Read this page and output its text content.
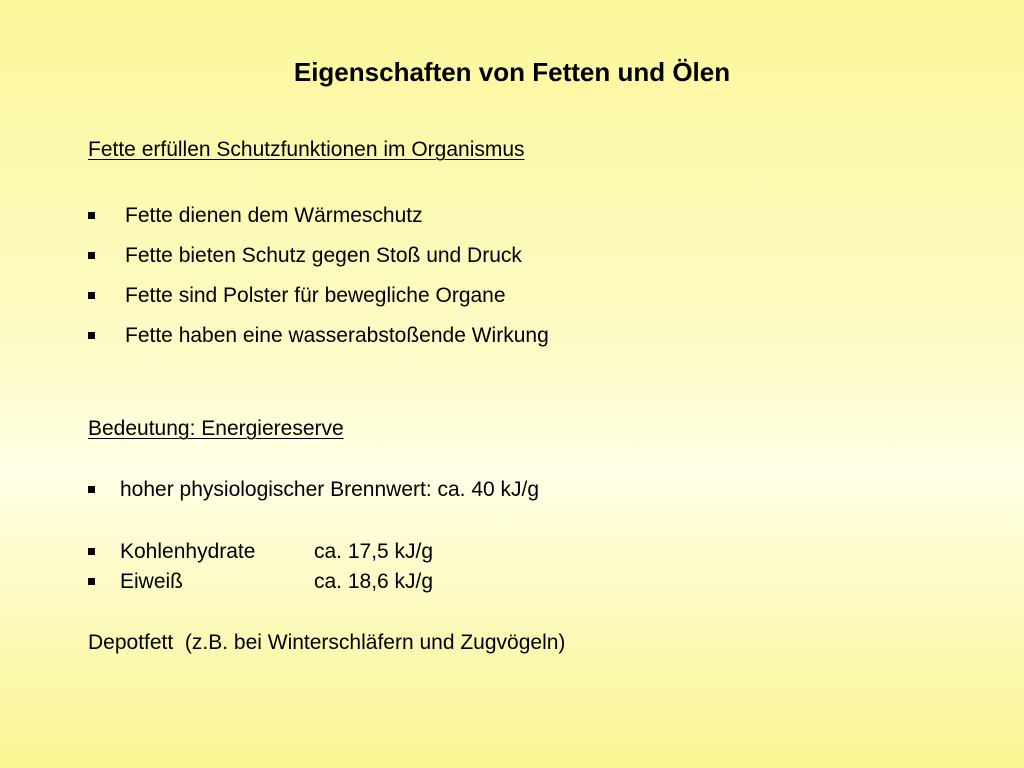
Eigenschaften von Fetten und Ölen
Fette erfüllen Schutzfunktionen im Organismus
Fette dienen dem Wärmeschutz
Fette bieten Schutz gegen Stoß und Druck
Fette sind Polster für bewegliche Organe
Fette haben eine wasserabstoßende Wirkung
Bedeutung: Energiereserve
hoher physiologischer Brennwert: ca. 40 kJ/g
Kohlenhydrate	ca. 17,5 kJ/g
Eiweiß	ca. 18,6 kJ/g
Depotfett  (z.B. bei Winterschläfern und Zugvögeln)
